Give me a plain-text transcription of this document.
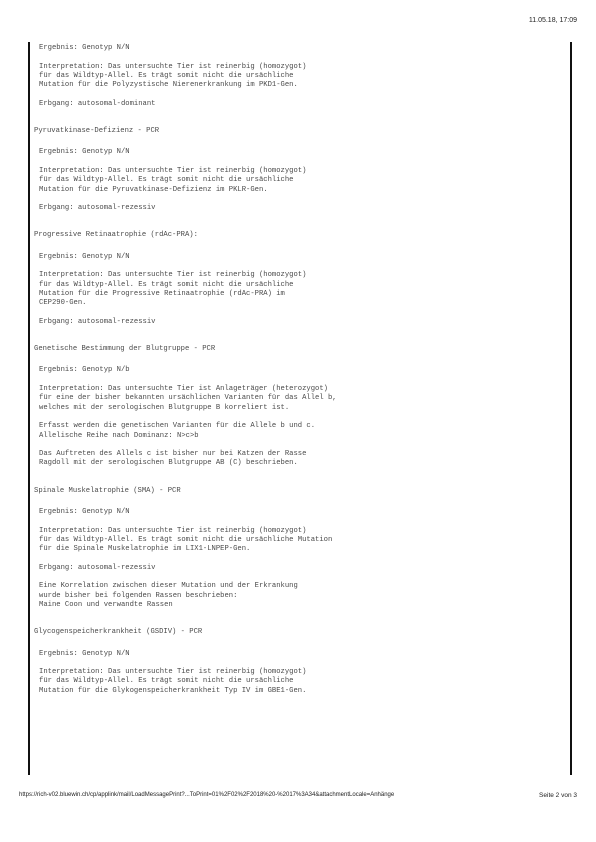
11.05.18, 17:09
Ergebnis: Genotyp N/N
Interpretation: Das untersuchte Tier ist reinerbig (homozygot)
für das Wildtyp-Allel. Es trägt somit nicht die ursächliche
Mutation für die Polyzystische Nierenerkrankung im PKD1-Gen.
Erbgang: autosomal-dominant
Pyruvatkinase-Defizienz - PCR
Ergebnis: Genotyp N/N
Interpretation: Das untersuchte Tier ist reinerbig (homozygot)
für das Wildtyp-Allel. Es trägt somit nicht die ursächliche
Mutation für die Pyruvatkinase-Defizienz im PKLR-Gen.
Erbgang: autosomal-rezessiv
Progressive Retinaatrophie (rdAc-PRA):
Ergebnis: Genotyp N/N
Interpretation: Das untersuchte Tier ist reinerbig (homozygot)
für das Wildtyp-Allel. Es trägt somit nicht die ursächliche
Mutation für die Progressive Retinaatrophie (rdAc-PRA) im
CEP290-Gen.
Erbgang: autosomal-rezessiv
Genetische Bestimmung der Blutgruppe - PCR
Ergebnis: Genotyp N/b
Interpretation: Das untersuchte Tier ist Anlageträger (heterozygot)
für eine der bisher bekannten ursächlichen Varianten für das Allel b,
welches mit der serologischen Blutgruppe B korreliert ist.
Erfasst werden die genetischen Varianten für die Allele b und c.
Allelische Reihe nach Dominanz: N>c>b
Das Auftreten des Allels c ist bisher nur bei Katzen der Rasse
Ragdoll mit der serologischen Blutgruppe AB (C) beschrieben.
Spinale Muskelatrophie (SMA) - PCR
Ergebnis: Genotyp N/N
Interpretation: Das untersuchte Tier ist reinerbig (homozygot)
für das Wildtyp-Allel. Es trägt somit nicht die ursächliche Mutation
für die Spinale Muskelatrophie im LIX1-LNPEP-Gen.
Erbgang: autosomal-rezessiv
Eine Korrelation zwischen dieser Mutation und der Erkrankung
wurde bisher bei folgenden Rassen beschrieben:
Maine Coon und verwandte Rassen
Glycogenspeicherkrankheit (GSDIV) - PCR
Ergebnis: Genotyp N/N
Interpretation: Das untersuchte Tier ist reinerbig (homozygot)
für das Wildtyp-Allel. Es trägt somit nicht die ursächliche
Mutation für die Glykogenspeicherkrankheit Typ IV im GBE1-Gen.
https://rich-v02.bluewin.ch/cp/applink/mail/LoadMessagePrint?...ToPrint=01%2F02%2F2018%20-%2017%3A34&attachmentLocale=Anhänge	Seite 2 von 3
